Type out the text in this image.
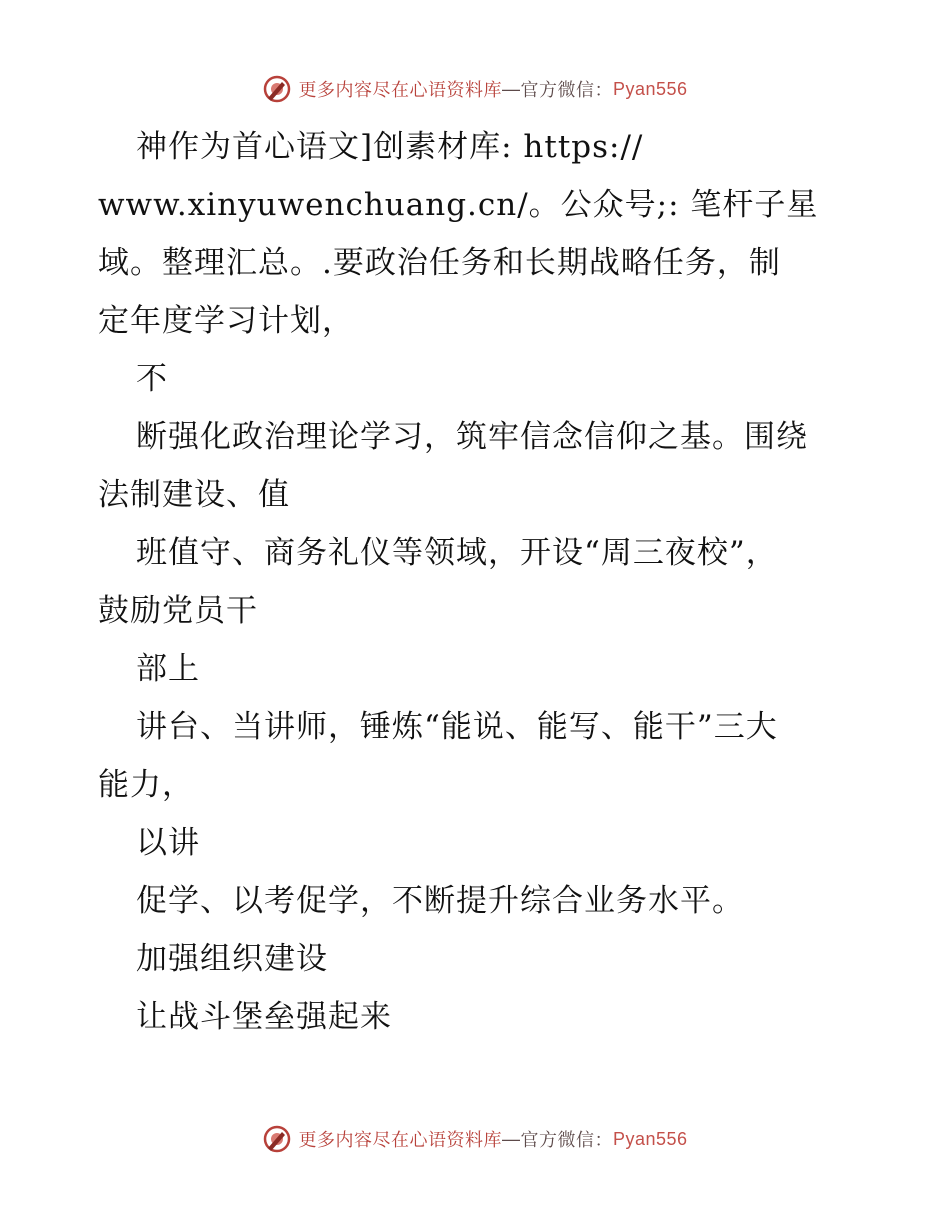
更多内容尽在心语资料库 — 官方微信： Pyan556
神作为首心语文]创素材库: https://
www.xinyuwenchuang.cn/。公众号;: 笔杆子星
域。整理汇总。.要政治任务和长期战略任务，制
定年度学习计划，
不
断强化政治理论学习，筑牢信念信仰之基。围绕
法制建设、值
班值守、商务礼仪等领域，开设“周三夜校”，
鼓励党员干
部上
讲台、当讲师，锤炼“能说、能写、能干”三大
能力，
以讲
促学、以考促学，不断提升综合业务水平。
加强组织建设
让战斗堡垒强起来
更多内容尽在心语资料库 — 官方微信： Pyan556
